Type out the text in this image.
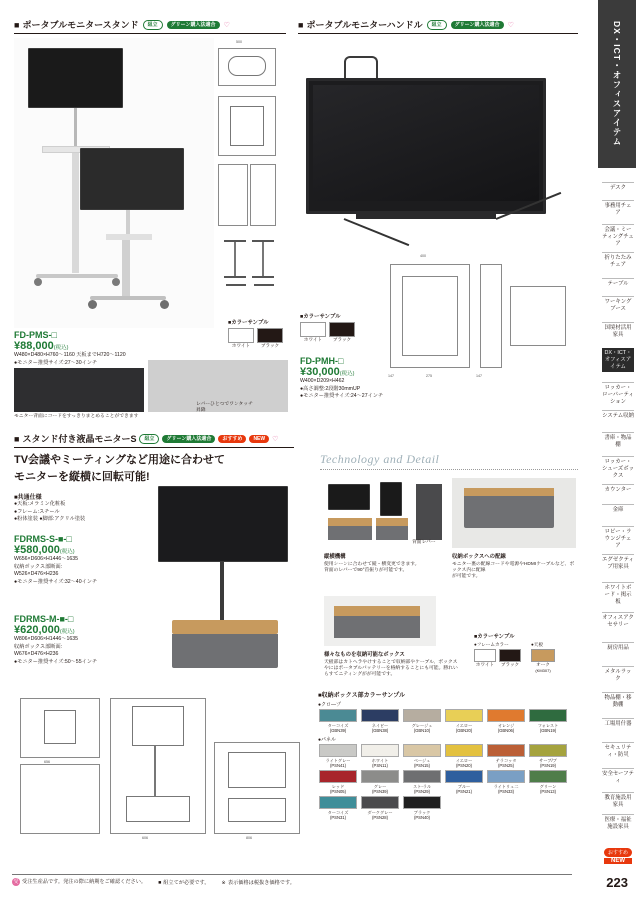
■ ポータブルモニタースタンド	組立	グリーン購入法適合	♡
500
FD-PMS-□
¥88,000(税込)
W480×D480×H760～1160 天板までH720～1120
●モニター推奨サイズ:27～30インチ
■カラーサンプル
ホワイト	ブラック
モニター背面にコードをすっきりまとめることができます
レバーひとつでワンタッチ昇降
■ ポータブルモニターハンドル	組立	グリーン購入法適合	♡
■カラーサンプル
ホワイト	ブラック
400
147	275	147
FD-PMH-□
¥30,000(税込)
W400×D209×H462
●高さ調整:2段階30mmUP
●モニター推奨サイズ:24～27インチ
■ スタンド付き液晶モニターS	組立	グリーン購入法適合	おすすめ	NEW	♡
TV会議やミーティングなど用途に合わせて
モニターを縦横に回転可能!
■共通仕様
●天板:メラミン化粧板
●フレーム:スチール
●粉体塗装 ●脚部:アクリル塗装
FDRMS-S-■-□
¥580,000(税込)
W656×D606×H1446～1635
収納ボックス部断面:
W526×D476×H236
●モニター推奨サイズ:32～40インチ
FDRMS-M-■-□
¥620,000(税込)
W806×D606×H1446～1635
収納ボックス部断面:
W676×D476×H236
●モニター推奨サイズ:50～55インチ
Technology and Detail
縦横機構
使用シーンに合わせて縦・横変更できます。
背面のレバーで90°首振りが可能です。
背面レバー
収納ボックスへの配線
モニター裏の配線コードや電源やHDMIケーブルなど、ボックス内に配線
が可能です。
様々なものを収納可能なボックス
天板部はカトヘラやけすることで収納部やケーブル、ボックスやにはポータブルバッテリーを格納することにも可能。勝れいらすてニティングがが可能です。
■カラーサンプル
●フレームカラー
ホワイト	ブラック
●天板
オーク
(KM307)
■収納ボックス部カラーサンプル
●クロ―プ
ターコイズ
(GBN39)
ネイビー
(GBN38)
グレージュ
(GBN10)
イエロー
(GBN20)
オレンジ
(GBN06)
フォレスト
(GBN19)
●パネル
ライトグレー
(PSN41)
ホワイト
(PSN11)
ベージュ
(PSN15)
イエロー
(PSN20)
テラコッタ
(PSN25)
サーブ/ブ
(PSN19)
レッド
(PSN05)
グレー
(PSN39)
スト-ラル
(PSN29)
ブルー
(PSN21)
ライトリュ二
(PSN33)
グリーン
(PSN13)
ターコイズ
(PSN31)
ダークグレー
(PSN28)
ブラック
(PSN40)
656
606	806
受 受注生産品です。発注の際に納期をご確認ください。 ■ 組立てが必要です。 ※ 表示価格は税抜き価格です。
DX・ICT・オフィスアイテム
デスク
事務用チェア
会議・ミーティングチェア
折りたたみチェア
テーブル
ワーキングブース
国境材活用家具
DX・ICT・オフィスアイテム
ロッカー・ローパーティション
システム収納
書庫・物品棚
ロッカー・シューズボックス
カウンター
金庫
ロビー・ラウンジチェア
エグゼクティブ用家具
ホワイトボード・掲示板
オフィスアクセサリー
厨房用品
メタルラック
物品棚・移動棚
工場用什器
セキュリティ・防災
安全セーフティ
教育施設用家具
医療・福祉施設家具
おすすめ
NEW
223
